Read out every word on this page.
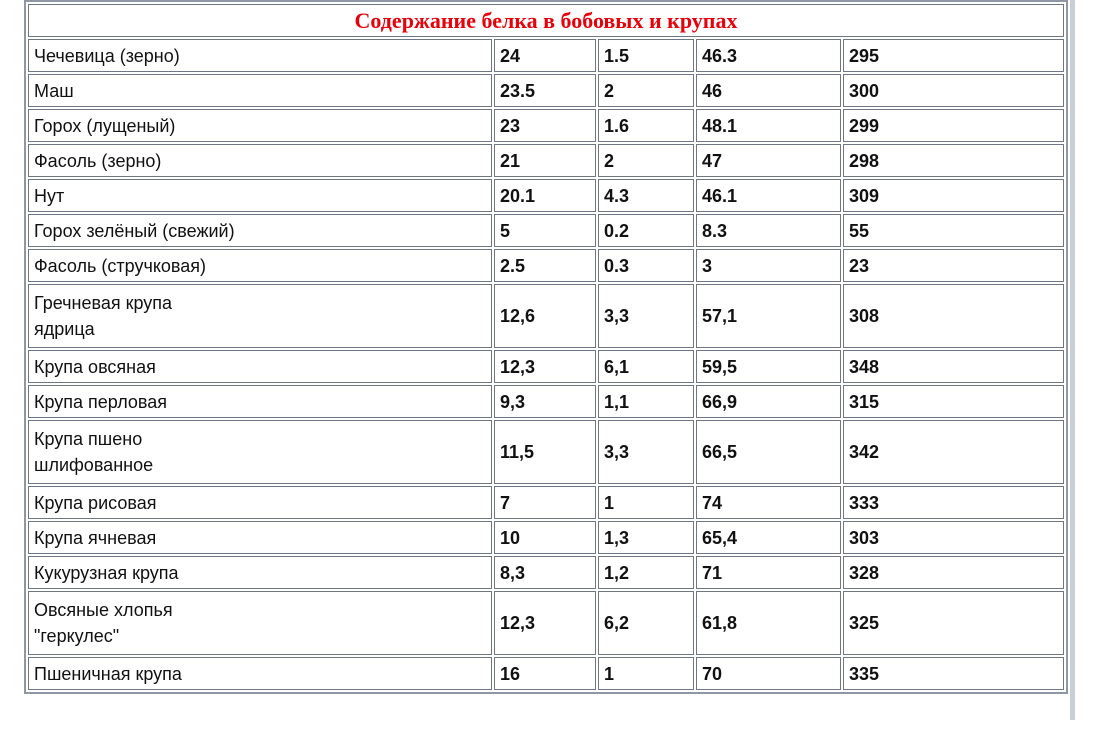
Содержание белка в бобовых и крупах				
Чечевица (зерно)	24	1.5	46.3	295
Маш	23.5	2	46	300
Горох (лущеный)	23	1.6	48.1	299
Фасоль (зерно)	21	2	47	298
Нут	20.1	4.3	46.1	309
Горох зелёный (свежий)	5	0.2	8.3	55
Фасоль (стручковая)	2.5	0.3	3	23
Гречневая крупа
ядрица	12,6	3,3	57,1	308
Крупа овсяная	12,3	6,1	59,5	348
Крупа перловая	9,3	1,1	66,9	315
Крупа пшено
шлифованное	11,5	3,3	66,5	342
Крупа рисовая	7	1	74	333
Крупа ячневая	10	1,3	65,4	303
Кукурузная крупа	8,3	1,2	71	328
Овсяные хлопья
"геркулес"	12,3	6,2	61,8	325
Пшеничная крупа	16	1	70	335
